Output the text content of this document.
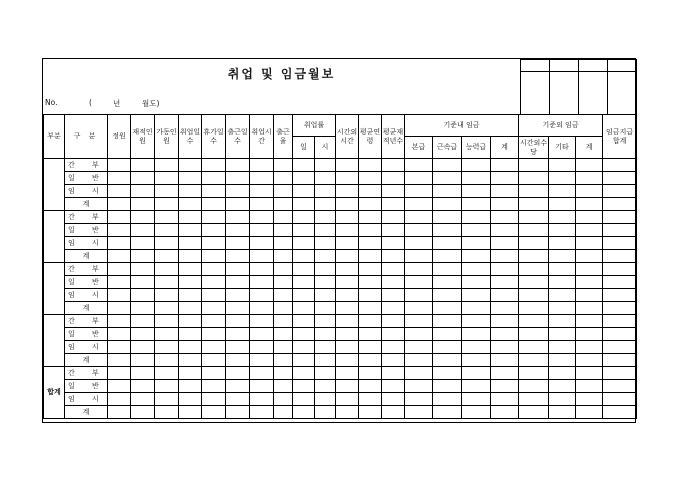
취업 및 임금월보
No.	(	년	월도)

부분	구 분	정원	재적인원	가동인원	취업일수	휴가일수	출근일수	취업시간	출근율	취업률		시간외시간	평균연령	평균재적년수	기준내 임금				기준외 임금			임금지급합계
										일	시				본급	근속급	능력급	계	시간외수당	기타	계	
	간 부																					
	일 반																					
	임 시																					
	계																					
	간 부																					
	일 반																					
	임 시																					
	계																					
	간 부																					
	일 반																					
	임 시																					
	계																					
	간 부																					
	일 반																					
	임 시																					
	계																					
합계	간 부																					
	일 반																					
	임 시																					
	계																					
